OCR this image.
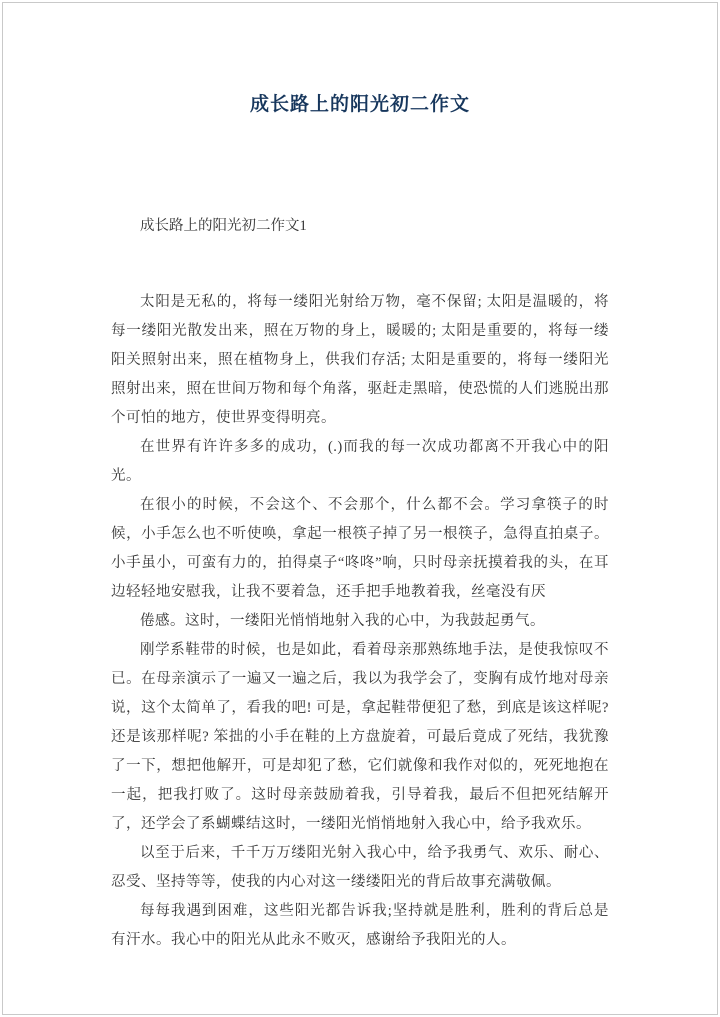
成长路上的阳光初二作文
成长路上的阳光初二作文1

太阳是无私的，将每一缕阳光射给万物，毫不保留; 太阳是温暖的，将每一缕阳光散发出来，照在万物的身上，暖暖的; 太阳是重要的，将每一缕阳关照射出来，照在植物身上，供我们存活; 太阳是重要的，将每一缕阳光照射出来，照在世间万物和每个角落，驱赶走黑暗，使恐慌的人们逃脱出那个可怕的地方，使世界变得明亮。

在世界有许许多多的成功，(.)而我的每一次成功都离不开我心中的阳光。

在很小的时候，不会这个、不会那个，什么都不会。学习拿筷子的时候，小手怎么也不听使唤，拿起一根筷子掉了另一根筷子，急得直拍桌子。小手虽小，可蛮有力的，拍得桌子“咚咚”响，只时母亲抚摸着我的头，在耳边轻轻地安慰我，让我不要着急，还手把手地教着我，丝毫没有厌

倦感。这时，一缕阳光悄悄地射入我的心中，为我鼓起勇气。

刚学系鞋带的时候，也是如此，看着母亲那熟练地手法，是使我惊叹不已。在母亲演示了一遍又一遍之后，我以为我学会了，变胸有成竹地对母亲说，这个太简单了，看我的吧! 可是，拿起鞋带便犯了愁，到底是该这样呢? 还是该那样呢? 笨拙的小手在鞋的上方盘旋着，可最后竟成了死结，我犹豫了一下，想把他解开，可是却犯了愁，它们就像和我作对似的，死死地抱在一起，把我打败了。这时母亲鼓励着我，引导着我，最后不但把死结解开了，还学会了系蝴蝶结这时，一缕阳光悄悄地射入我心中，给予我欢乐。

以至于后来，千千万万缕阳光射入我心中，给予我勇气、欢乐、耐心、忍受、坚持等等，使我的内心对这一缕缕阳光的背后故事充满敬佩。

每每我遇到困难，这些阳光都告诉我;坚持就是胜利，胜利的背后总是有汗水。我心中的阳光从此永不败灭，感谢给予我阳光的人。
